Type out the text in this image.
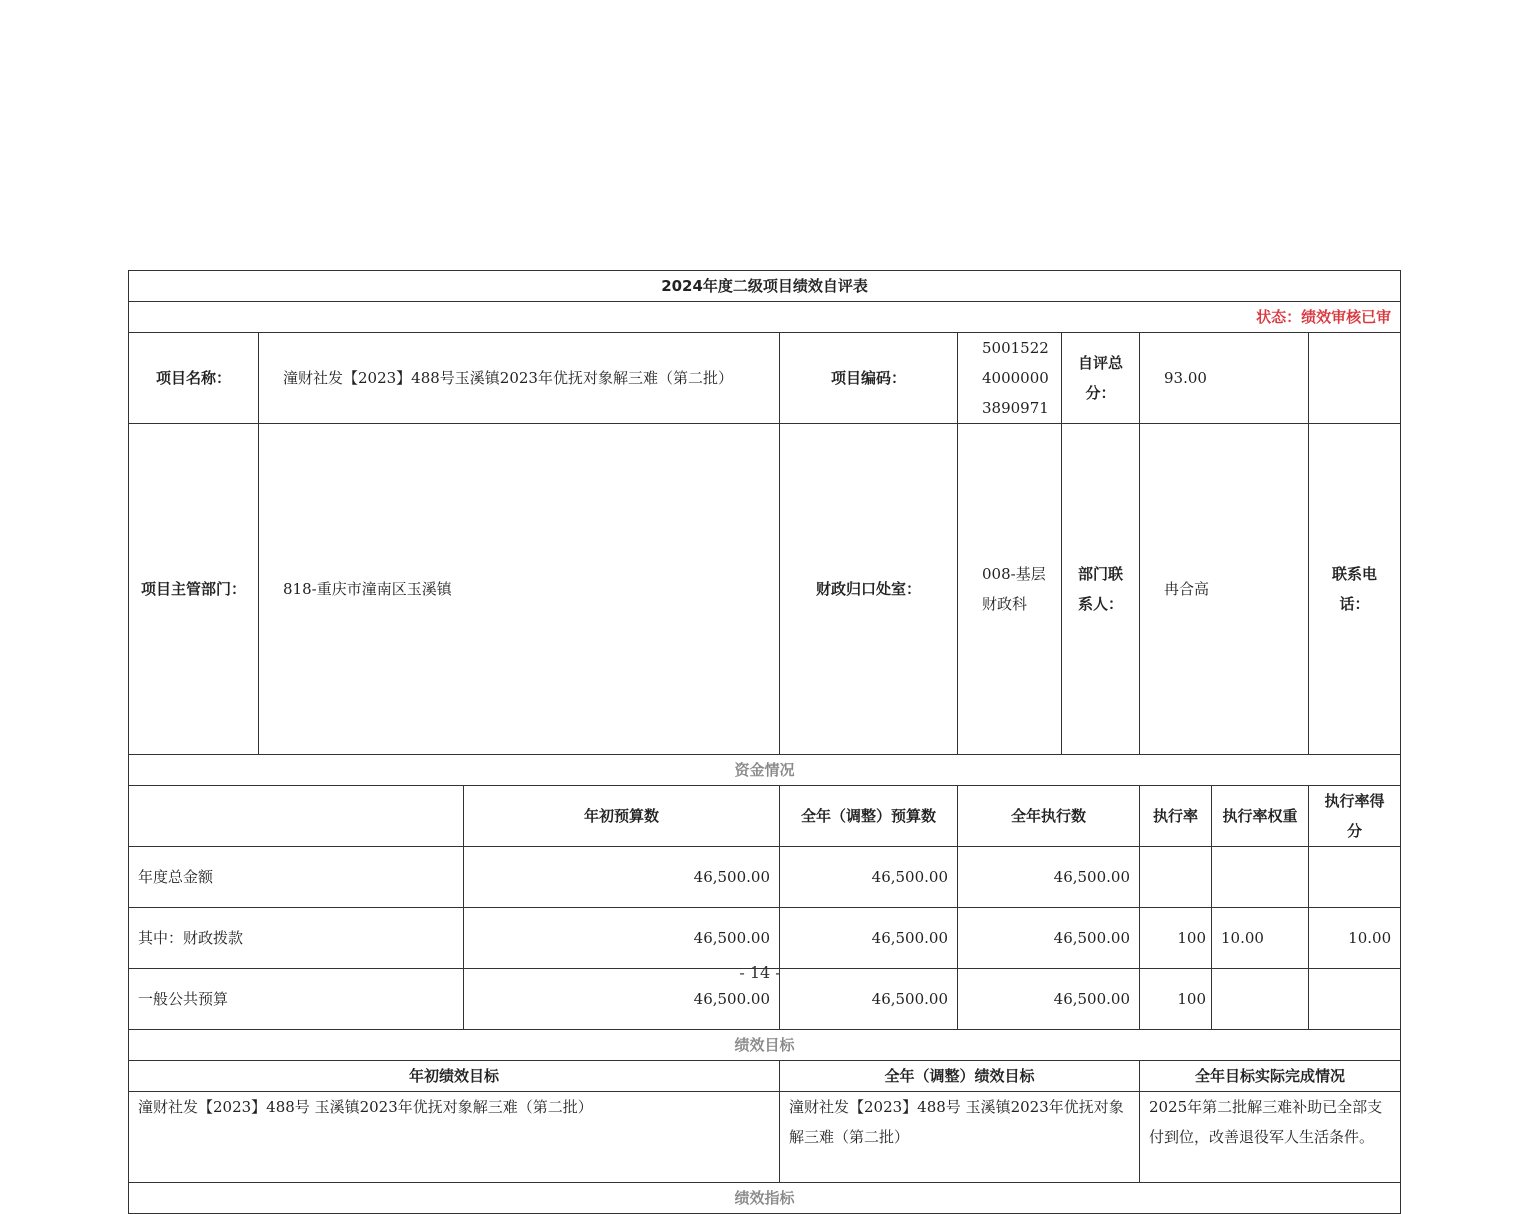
2024年度二级项目绩效自评表									
状态：绩效审核已审									
项目名称：	潼财社发【2023】488号玉溪镇2023年优抚对象解三难（第二批）		项目编码：	500152240000003890971	自评总分：	93.00			
项目主管部门：	818-重庆市潼南区玉溪镇		财政归口处室：	008-基层财政科	部门联系人：	冉合高		联系电话：	
资金情况									
		年初预算数	全年（调整）预算数	全年执行数		执行率	执行率权重	执行率得分	
年度总金额		46,500.00	46,500.00	46,500.00					
其中：财政拨款		46,500.00	46,500.00	46,500.00		100	10.00	10.00	
一般公共预算		46,500.00	46,500.00	46,500.00		100			
绩效目标									
年初绩效目标			全年（调整）绩效目标			全年目标实际完成情况			
潼财社发【2023】488号 玉溪镇2023年优抚对象解三难（第二批）			潼财社发【2023】488号 玉溪镇2023年优抚对象解三难（第二批）			2025年第二批解三难补助已全部支付到位，改善退役军人生活条件。			
绩效指标									
- 14 -
